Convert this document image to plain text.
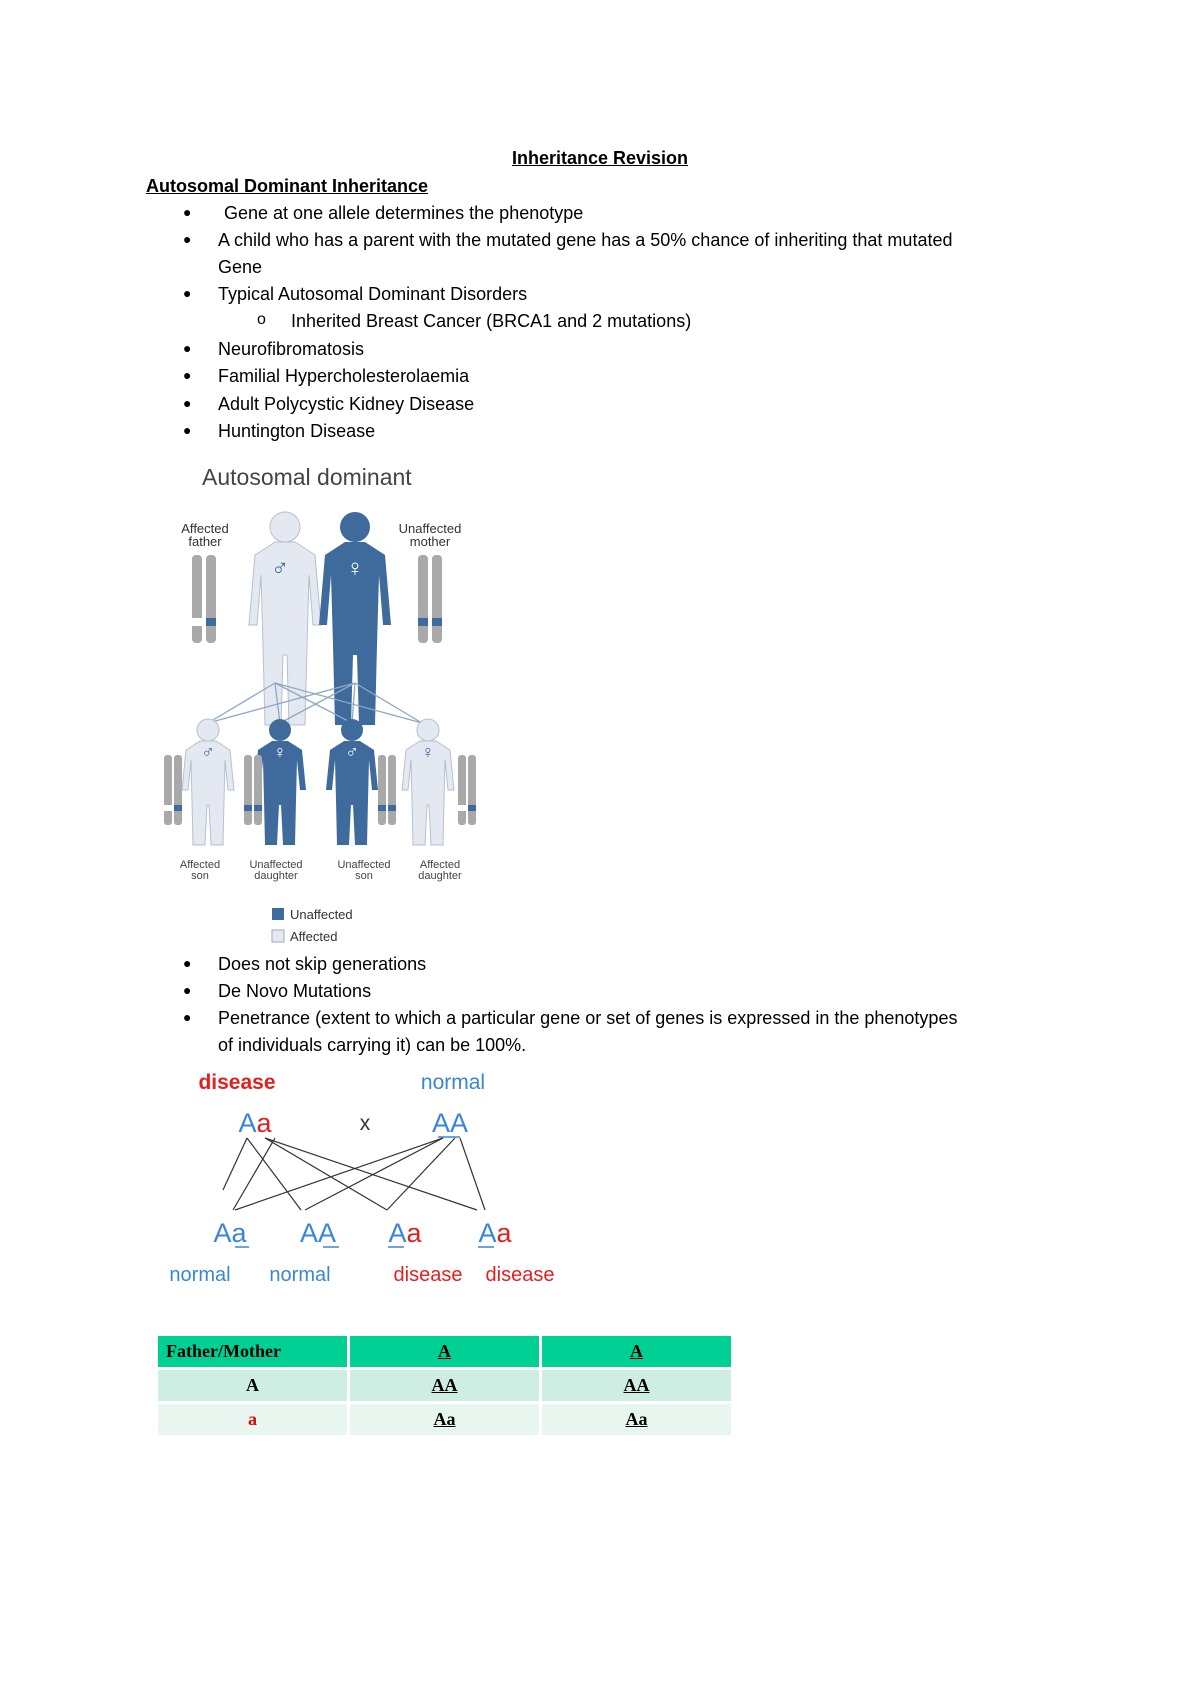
Inheritance Revision
Autosomal Dominant Inheritance
● Gene at one allele determines the phenotype
● A child who has a parent with the mutated gene has a 50% chance of inheriting that mutated
Gene
● Typical Autosomal Dominant Disorders
o Inherited Breast Cancer (BRCA1 and 2 mutations)
● Neurofibromatosis
● Familial Hypercholesterolaemia
● Adult Polycystic Kidney Disease
● Huntington Disease
Autosomal dominant
Affected
father
♂ ♀
Unaffected
mother
♂	♀	♂	♀
Affected
son
Unaffected
daughter
Unaffected
son
Affected
daughter
Unaffected
Affected
● Does not skip generations
● De Novo Mutations
● Penetrance (extent to which a particular gene or set of genes is expressed in the phenotypes
of individuals carrying it) can be 100%.
disease	normal
Aa	x AA
Aa AA Aa Aa
normal normal	disease disease
Father/Mother	A	A
A	AA	AA
a	Aa	Aa
